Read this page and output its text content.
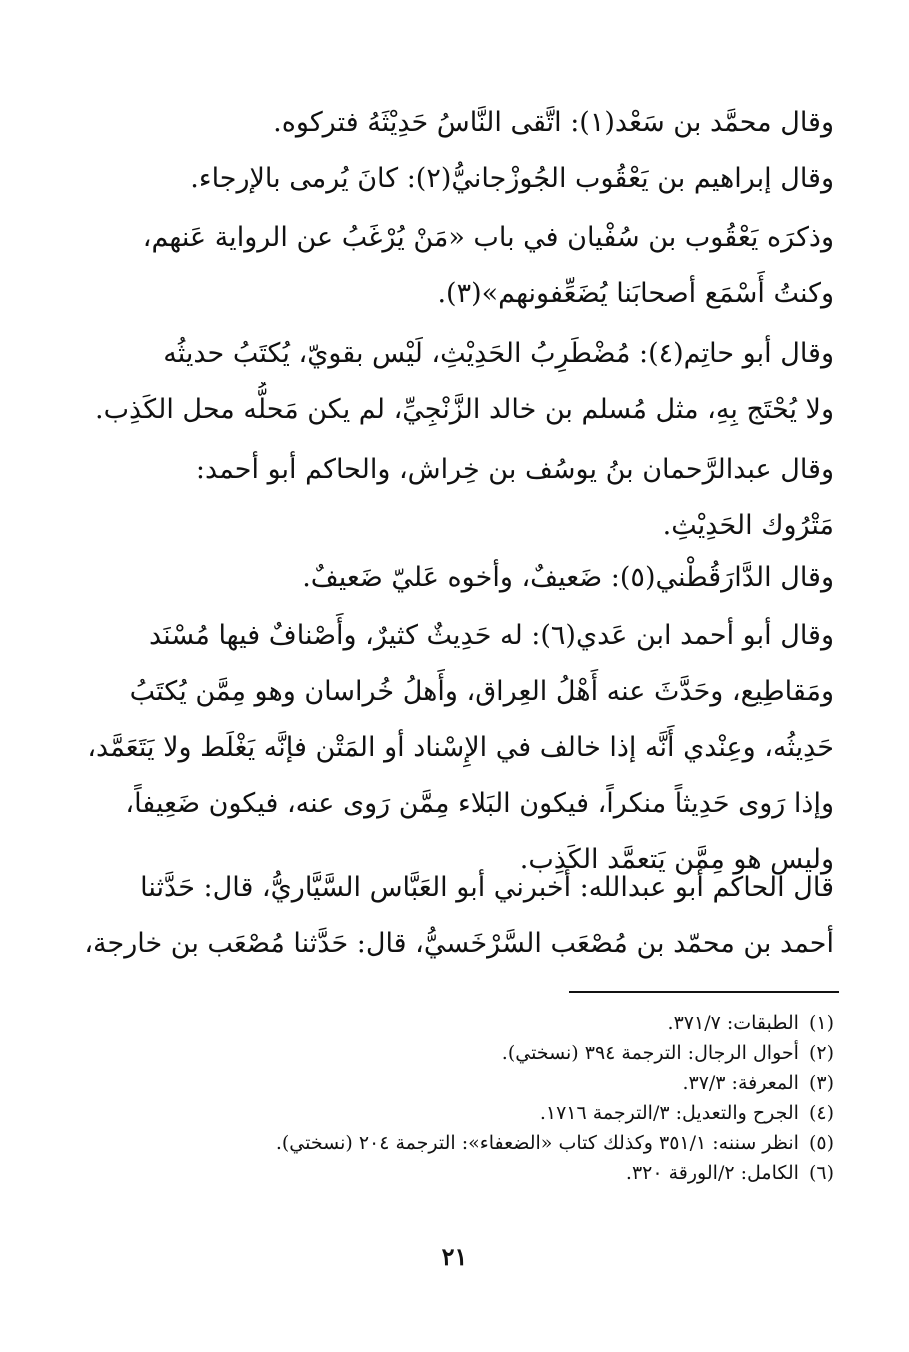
وقال محمَّد بن سَعْد(١): اتَّقى النَّاسُ حَدِيْثَهُ فتركوه.

وقال إبراهيم بن يَعْقُوب الجُوزْجانيُّ(٢): كانَ يُرمى بالإرجاء.

وذكرَه يَعْقُوب بن سُفْيان في باب «مَنْ يُرْغَبُ عن الرواية عَنهم،
وكنتُ أَسْمَع أصحابَنا يُضَعِّفونهم»(٣).

وقال أبو حاتِم(٤): مُضْطَرِبُ الحَدِيْثِ، لَيْس بقويّ، يُكتَبُ حديثُه
ولا يُحْتَج بِهِ، مثل مُسلم بن خالد الزَّنْجِيِّ، لم يكن مَحلُّه محل الكَذِب.

وقال عبدالرَّحمان بنُ يوسُف بن خِراش، والحاكم أبو أحمد:
مَتْرُوك الحَدِيْثِ.

وقال الدَّارَقُطْني(٥): ضَعيفٌ، وأخوه عَليّ ضَعيفٌ.

وقال أبو أحمد ابن عَدي(٦): له حَدِيثٌ كثيرٌ، وأَصْنافٌ فيها مُسْنَد
ومَقاطِيع، وحَدَّثَ عنه أَهْلُ العِراق، وأَهلُ خُراسان وهو مِمَّن يُكتَبُ
حَدِيثُه، وعِنْدي أَنَّه إذا خالف في الإِسْناد أو المَتْن فإنَّه يَغْلَط ولا يَتَعَمَّد،
وإذا رَوى حَدِيثاً منكراً، فيكون البَلاء مِمَّن رَوى عنه، فيكون ضَعِيفاً،
وليس هو مِمَّن يَتعمَّد الكَذِب.

قال الحاكم أبو عبدالله: أخبرني أبو العَبَّاس السَّيَّاريُّ، قال: حَدَّثنا
أحمد بن محمّد بن مُصْعَب السَّرْخَسيُّ، قال: حَدَّثنا مُصْعَب بن خارجة،

(١)الطبقات: ٣٧١/٧.
(٢)أحوال الرجال: الترجمة ٣٩٤ (نسختي).
(٣)المعرفة: ٣٧/٣.
(٤)الجرح والتعديل: ٣/الترجمة ١٧١٦.
(٥)انظر سننه: ٣٥١/١ وكذلك كتاب «الضعفاء»: الترجمة ٢٠٤ (نسختي).
(٦)الكامل: ٢/الورقة ٣٢٠.
٢١
